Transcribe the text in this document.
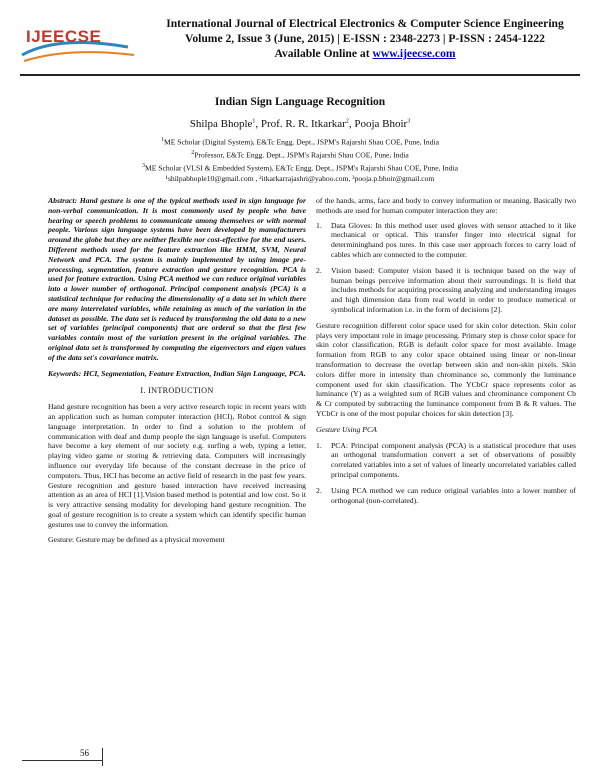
IJEECSE
International Journal of Electrical Electronics & Computer Science Engineering
Volume 2, Issue 3 (June, 2015) | E-ISSN : 2348-2273 | P-ISSN : 2454-1222
Available Online at www.ijeecse.com
Indian Sign Language Recognition
Shilpa Bhople$^1$, Prof. R. R. Itkarkar$^2$, Pooja Bhoir$^3$
$^1$ME Scholar (Digital System), E&Tc Engg. Dept., JSPM's Rajarshi Shau COE, Pune, India
$^2$Professor, E&Tc Engg. Dept., JSPM's Rajarshi Shau COE, Pune, India
$^3$ME Scholar (VLSI & Embedded System), E&Tc Engg. Dept., JSPM's Rajarshi Shau COE, Pune, India
¹shilpabhople10@gmail.com , ²itkarkarrajashri@yahoo.com, ³pooja.p.bhoir@gmail.com

Abstract: Hand gesture is one of the typical methods used in sign language for non-verbal communication. It is most commonly used by people who have hearing or speech problems to communicate among themselves or with normal people. Various sign language systems have been developed by manufacturers around the globe but they are neither flexible nor cost-effective for the end users. Different methods used for the feature extraction like HMM, SVM, Neural Network and PCA. The system is mainly implemented by using image pre-processing, segmentation, feature extraction and gesture recognition. PCA is used for feature extraction. Using PCA method we can reduce original variables into a lower number of orthogonal. Principal component analysis (PCA) is a statistical technique for reducing the dimensionality of a data set in which there are many interrelated variables, while retaining as much of the variation in the dataset as possible. The data set is reduced by transforming the old data to a new set of variables (principal components) that are orderal so that the first few variables contain most of the variation present in the original variables. The original data set is transformed by computing the eigenvectors and eigen values of the data set's covariance matrix.

Keywords: HCI, Segmentation, Feature Extraction, Indian Sign Language, PCA.

I. INTRODUCTION

Hand gesture recognition has been a very active research topic in recent years with an application such as human computer interaction (HCI), Robot control & sign language interpretation. In order to find a solution to the problem of communication with deaf and dump people the sign language is useful. Computers have become a key element of our society e.g. surfing a web, typing a letter, playing video game or storing & retrieving data. Computers will increasingly influence our everyday life because of the constant decrease in the price of computers. Thus, HCI has become an active field of research in the past few years. Gesture recognition and gesture based interaction have received increasing attention as an area of HCI [1].Vision based method is potential and low cost. So it is very attractive sensing modality for developing hand gesture recognition. The goal of gesture recognition is to create a system which can identify specific human gestures use to convey the information.

Gesture: Gesture may be defined as a physical movement

of the hands, arms, face and body to convey information or meaning. Basically two methods are used for human computer interaction they are:

1. Data Gloves: In this method user used gloves with sensor attached to it like mechanical or optical. This transfer finger into electrical signal for determininghand pos tures. In this case user approach forces to carry load of cables which are connected to the computer.
2. Vision based: Computer vision based it is technique based on the way of human beings perceive information about their surroundings. It is field that includes methods for acquiring processing analyzing and understanding images and high dimension data from real world in order to produce numerical or symbolical information i.e. in the form of decisions [2].

Gesture recognition different color space used for skin color detection. Skin color plays very important role in image processing. Primary step is chose color space for skin color classification. RGB is default color space for most available. Image formation from RGB to any color space obtained using linear or non-linear transformation to decrease the overlap between skin and non-skin pixels. Skin colors differ more in intensity than chrominance so, commonly the luminance component used for skin classification. The YCbCr space represents color as luminance (Y) as a weighted sum of RGB values and chrominance component Cb & Cr computed by subtracting the luminance component from B & R values. The YCbCr is one of the most popular choices for skin detection [3].

Gesture Using PCA
1. PCA: Principal component analysis (PCA) is a statistical procedure that uses an orthogonal transformation convert a set of observations of possibly correlated variables into a set of values of linearly uncorrelated variables called principal components.
2. Using PCA method we can reduce original variables into a lower number of orthogonal (non-correlated).
56
